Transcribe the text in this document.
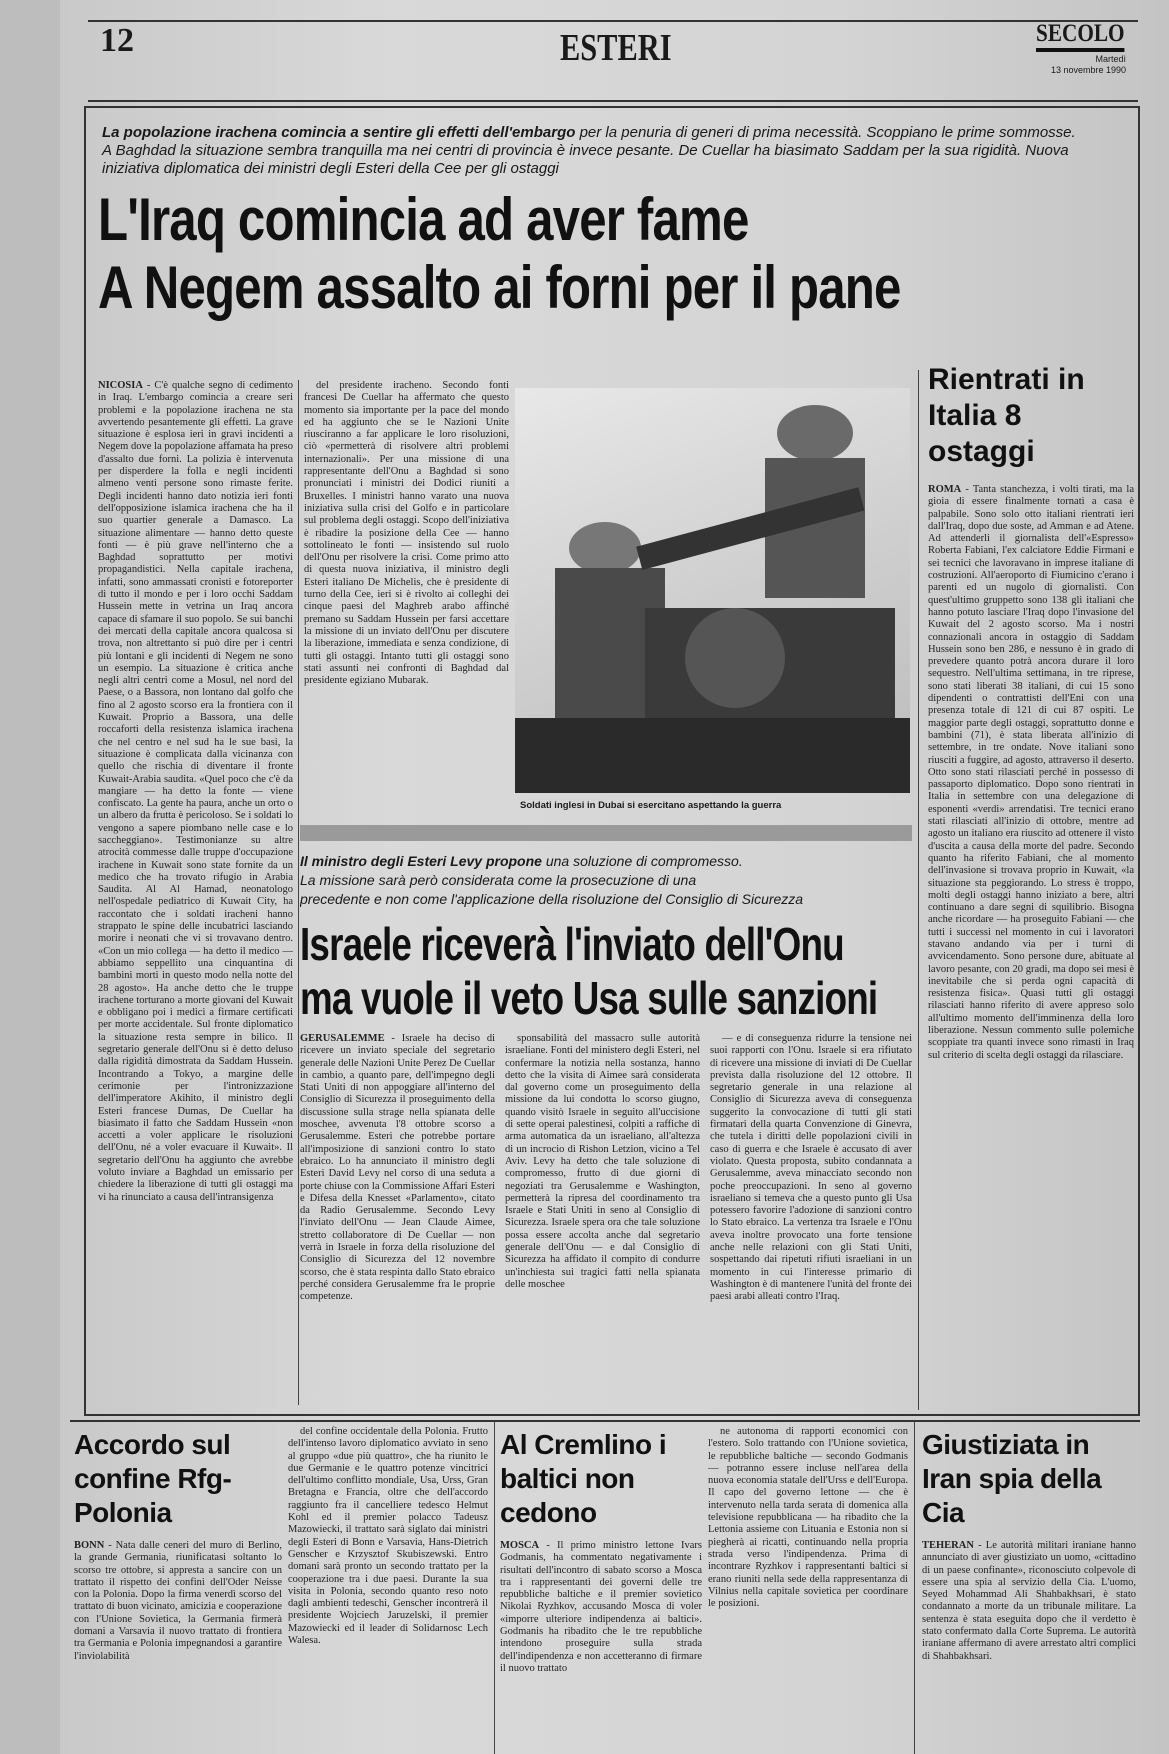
12	ESTERI	SECOLO
Martedì
13 novembre 1990
La popolazione irachena comincia a sentire gli effetti dell'embargo per la penuria di generi di prima necessità. Scoppiano le prime sommosse. A Baghdad la situazione sembra tranquilla ma nei centri di provincia è invece pesante. De Cuellar ha biasimato Saddam per la sua rigidità. Nuova iniziativa diplomatica dei ministri degli Esteri della Cee per gli ostaggi
L'Iraq comincia ad aver fame
A Negem assalto ai forni per il pane

NICOSIA - C'è qualche segno di cedimento in Iraq. L'embargo comincia a creare seri problemi e la popolazione irachena ne sta avvertendo pesantemente gli effetti. La grave situazione è esplosa ieri in gravi incidenti a Negem dove la popolazione affamata ha preso d'assalto due forni. La polizia è intervenuta per disperdere la folla e negli incidenti almeno venti persone sono rimaste ferite. Degli incidenti hanno dato notizia ieri fonti dell'opposizione islamica irachena che ha il suo quartier generale a Damasco. La situazione alimentare — hanno detto queste fonti — è più grave nell'interno che a Baghdad soprattutto per motivi propagandistici. Nella capitale irachena, infatti, sono ammassati cronisti e fotoreporter di tutto il mondo e per i loro occhi Saddam Hussein mette in vetrina un Iraq ancora capace di sfamare il suo popolo. Se sui banchi dei mercati della capitale ancora qualcosa si trova, non altrettanto si può dire per i centri più lontani e gli incidenti di Negem ne sono un esempio. La situazione è critica anche negli altri centri come a Mosul, nel nord del Paese, o a Bassora, non lontano dal golfo che fino al 2 agosto scorso era la frontiera con il Kuwait. Proprio a Bassora, una delle roccaforti della resistenza islamica irachena che nel centro e nel sud ha le sue basi, la situazione è complicata dalla vicinanza con quello che rischia di diventare il fronte Kuwait-Arabia saudita. «Quel poco che c'è da mangiare — ha detto la fonte — viene confiscato. La gente ha paura, anche un orto o un albero da frutta è pericoloso. Se i soldati lo vengono a sapere piombano nelle case e lo saccheggiano». Testimonianze su altre atrocità commesse dalle truppe d'occupazione irachene in Kuwait sono state fornite da un medico che ha trovato rifugio in Arabia Saudita. Al Al Hamad, neonatologo nell'ospedale pediatrico di Kuwait City, ha raccontato che i soldati iracheni hanno strappato le spine delle incubatrici lasciando morire i neonati che vi si trovavano dentro. «Con un mio collega — ha detto il medico — abbiamo seppellito una cinquantina di bambini morti in questo modo nella notte del 28 agosto». Ha anche detto che le truppe irachene torturano a morte giovani del Kuwait e obbligano poi i medici a firmare certificati per morte accidentale. Sul fronte diplomatico la situazione resta sempre in bilico. Il segretario generale dell'Onu si è detto deluso dalla rigidità dimostrata da Saddam Hussein. Incontrando a Tokyo, a margine delle cerimonie per l'intronizzazione dell'imperatore Akihito, il ministro degli Esteri francese Dumas, De Cuellar ha biasimato il fatto che Saddam Hussein «non accetti a voler applicare le risoluzioni dell'Onu, né a voler evacuare il Kuwait». Il segretario dell'Onu ha aggiunto che avrebbe voluto inviare a Baghdad un emissario per chiedere la liberazione di tutti gli ostaggi ma vi ha rinunciato a causa dell'intransigenza

del presidente iracheno. Secondo fonti francesi De Cuellar ha affermato che questo momento sia importante per la pace del mondo ed ha aggiunto che se le Nazioni Unite riusciranno a far applicare le loro risoluzioni, ciò «permetterà di risolvere altri problemi internazionali». Per una missione di una rappresentante dell'Onu a Baghdad si sono pronunciati i ministri dei Dodici riuniti a Bruxelles. I ministri hanno varato una nuova iniziativa sulla crisi del Golfo e in particolare sul problema degli ostaggi. Scopo dell'iniziativa è ribadire la posizione della Cee — hanno sottolineato le fonti — insistendo sul ruolo dell'Onu per risolvere la crisi. Come primo atto di questa nuova iniziativa, il ministro degli Esteri italiano De Michelis, che è presidente di turno della Cee, ieri si è rivolto ai colleghi dei cinque paesi del Maghreb arabo affinché premano su Saddam Hussein per farsi accettare la missione di un inviato dell'Onu per discutere la liberazione, immediata e senza condizione, di tutti gli ostaggi. Intanto tutti gli ostaggi sono stati assunti nei confronti di Baghdad dal presidente egiziano Mubarak.

Soldati inglesi in Dubai si esercitano aspettando la guerra
Rientrati in Italia 8 ostaggi

ROMA - Tanta stanchezza, i volti tirati, ma la gioia di essere finalmente tornati a casa è palpabile. Sono solo otto italiani rientrati ieri dall'Iraq, dopo due soste, ad Amman e ad Atene. Ad attenderli il giornalista dell'«Espresso» Roberta Fabiani, l'ex calciatore Eddie Firmani e sei tecnici che lavoravano in imprese italiane di costruzioni. All'aeroporto di Fiumicino c'erano i parenti ed un nugolo di giornalisti. Con quest'ultimo gruppetto sono 138 gli italiani che hanno potuto lasciare l'Iraq dopo l'invasione del Kuwait del 2 agosto scorso. Ma i nostri connazionali ancora in ostaggio di Saddam Hussein sono ben 286, e nessuno è in grado di prevedere quanto potrà ancora durare il loro sequestro. Nell'ultima settimana, in tre riprese, sono stati liberati 38 italiani, di cui 15 sono dipendenti o contrattisti dell'Eni con una presenza totale di 121 di cui 87 ospiti. Le maggior parte degli ostaggi, soprattutto donne e bambini (71), è stata liberata all'inizio di settembre, in tre ondate. Nove italiani sono riusciti a fuggire, ad agosto, attraverso il deserto. Otto sono stati rilasciati perché in possesso di passaporto diplomatico. Dopo sono rientrati in Italia in settembre con una delegazione di esponenti «verdi» arrendatisi. Tre tecnici erano stati rilasciati all'inizio di ottobre, mentre ad agosto un italiano era riuscito ad ottenere il visto d'uscita a causa della morte del padre. Secondo quanto ha riferito Fabiani, che al momento dell'invasione si trovava proprio in Kuwait, «la situazione sta peggiorando. Lo stress è troppo, molti degli ostaggi hanno iniziato a bere, altri continuano a dare segni di squilibrio. Bisogna anche ricordare — ha proseguito Fabiani — che tutti i successi nel momento in cui i lavoratori stavano andando via per i turni di avvicendamento. Sono persone dure, abituate al lavoro pesante, con 20 gradi, ma dopo sei mesi è inevitabile che si perda ogni capacità di resistenza fisica». Quasi tutti gli ostaggi rilasciati hanno riferito di avere appreso solo all'ultimo momento dell'imminenza della loro liberazione. Nessun commento sulle polemiche scoppiate tra quanti invece sono rimasti in Iraq sul criterio di scelta degli ostaggi da rilasciare.

Il ministro degli Esteri Levy propone una soluzione di compromesso.
La missione sarà però considerata come la prosecuzione di una
precedente e non come l'applicazione della risoluzione del Consiglio di Sicurezza
Israele riceverà l'inviato dell'Onu
ma vuole il veto Usa sulle sanzioni

GERUSALEMME - Israele ha deciso di ricevere un inviato speciale del segretario generale delle Nazioni Unite Perez De Cuellar in cambio, a quanto pare, dell'impegno degli Stati Uniti di non appoggiare all'interno del Consiglio di Sicurezza il proseguimento della discussione sulla strage nella spianata delle moschee, avvenuta l'8 ottobre scorso a Gerusalemme. Esteri che potrebbe portare all'imposizione di sanzioni contro lo stato ebraico. Lo ha annunciato il ministro degli Esteri David Levy nel corso di una seduta a porte chiuse con la Commissione Affari Esteri e Difesa della Knesset «Parlamento», citato da Radio Gerusalemme. Secondo Levy l'inviato dell'Onu — Jean Claude Aimee, stretto collaboratore di De Cuellar — non verrà in Israele in forza della risoluzione del Consiglio di Sicurezza del 12 novembre scorso, che è stata respinta dallo Stato ebraico perché considera Gerusalemme fra le proprie competenze.

sponsabilità del massacro sulle autorità israeliane. Fonti del ministero degli Esteri, nel confermare la notizia nella sostanza, hanno detto che la visita di Aimee sarà considerata dal governo come un proseguimento della missione da lui condotta lo scorso giugno, quando visitò Israele in seguito all'uccisione di sette operai palestinesi, colpiti a raffiche di arma automatica da un israeliano, all'altezza di un incrocio di Rishon Letzion, vicino a Tel Aviv. Levy ha detto che tale soluzione di compromesso, frutto di due giorni di negoziati tra Gerusalemme e Washington, permetterà la ripresa del coordinamento tra Israele e Stati Uniti in seno al Consiglio di Sicurezza. Israele spera ora che tale soluzione possa essere accolta anche dal segretario generale dell'Onu — e dal Consiglio di Sicurezza ha affidato il compito di condurre un'inchiesta sui tragici fatti nella spianata delle moschee

— e di conseguenza ridurre la tensione nei suoi rapporti con l'Onu. Israele si era rifiutato di ricevere una missione di inviati di De Cuellar prevista dalla risoluzione del 12 ottobre. Il segretario generale in una relazione al Consiglio di Sicurezza aveva di conseguenza suggerito la convocazione di tutti gli stati firmatari della quarta Convenzione di Ginevra, che tutela i diritti delle popolazioni civili in caso di guerra e che Israele è accusato di aver violato. Questa proposta, subito condannata a Gerusalemme, aveva minacciato secondo non poche preoccupazioni. In seno al governo israeliano si temeva che a questo punto gli Usa potessero favorire l'adozione di sanzioni contro lo Stato ebraico. La vertenza tra Israele e l'Onu aveva inoltre provocato una forte tensione anche nelle relazioni con gli Stati Uniti, sospettando dai ripetuti rifiuti israeliani in un momento in cui l'interesse primario di Washington è di mantenere l'unità del fronte dei paesi arabi alleati contro l'Iraq.

Accordo sul confine Rfg-Polonia

BONN - Nata dalle ceneri del muro di Berlino, la grande Germania, riunificatasi soltanto lo scorso tre ottobre, si appresta a sancire con un trattato il rispetto dei confini dell'Oder Neisse con la Polonia. Dopo la firma venerdì scorso del trattato di buon vicinato, amicizia e cooperazione con l'Unione Sovietica, la Germania firmerà domani a Varsavia il nuovo trattato di frontiera tra Germania e Polonia impegnandosi a garantire l'inviolabilità

del confine occidentale della Polonia. Frutto dell'intenso lavoro diplomatico avviato in seno al gruppo «due più quattro», che ha riunito le due Germanie e le quattro potenze vincitrici dell'ultimo conflitto mondiale, Usa, Urss, Gran Bretagna e Francia, oltre che dell'accordo raggiunto fra il cancelliere tedesco Helmut Kohl ed il premier polacco Tadeusz Mazowiecki, il trattato sarà siglato dai ministri degli Esteri di Bonn e Varsavia, Hans-Dietrich Genscher e Krzysztof Skubiszewski. Entro domani sarà pronto un secondo trattato per la cooperazione tra i due paesi. Durante la sua visita in Polonia, secondo quanto reso noto dagli ambienti tedeschi, Genscher incontrerà il presidente Wojciech Jaruzelski, il premier Mazowiecki ed il leader di Solidarnosc Lech Walesa.

Al Cremlino i baltici non cedono

MOSCA - Il primo ministro lettone Ivars Godmanis, ha commentato negativamente i risultati dell'incontro di sabato scorso a Mosca tra i rappresentanti dei governi delle tre repubbliche baltiche e il premier sovietico Nikolai Ryzhkov, accusando Mosca di voler «imporre ulteriore indipendenza ai baltici». Godmanis ha ribadito che le tre repubbliche intendono proseguire sulla strada dell'indipendenza e non accetteranno di firmare il nuovo trattato

ne autonoma di rapporti economici con l'estero. Solo trattando con l'Unione sovietica, le repubbliche baltiche — secondo Godmanis — potranno essere incluse nell'area della nuova economia statale dell'Urss e dell'Europa. Il capo del governo lettone — che è intervenuto nella tarda serata di domenica alla televisione repubblicana — ha ribadito che la Lettonia assieme con Lituania e Estonia non si piegherà ai ricatti, continuando nella propria strada verso l'indipendenza. Prima di incontrare Ryzhkov i rappresentanti baltici si erano riuniti nella sede della rappresentanza di Vilnius nella capitale sovietica per coordinare le posizioni.

Giustiziata in Iran spia della Cia

TEHERAN - Le autorità militari iraniane hanno annunciato di aver giustiziato un uomo, «cittadino di un paese confinante», riconosciuto colpevole di essere una spia al servizio della Cia. L'uomo, Seyed Mohammad Ali Shahbakhsari, è stato condannato a morte da un tribunale militare. La sentenza è stata eseguita dopo che il verdetto è stato confermato dalla Corte Suprema. Le autorità iraniane affermano di avere arrestato altri complici di Shahbakhsari.
